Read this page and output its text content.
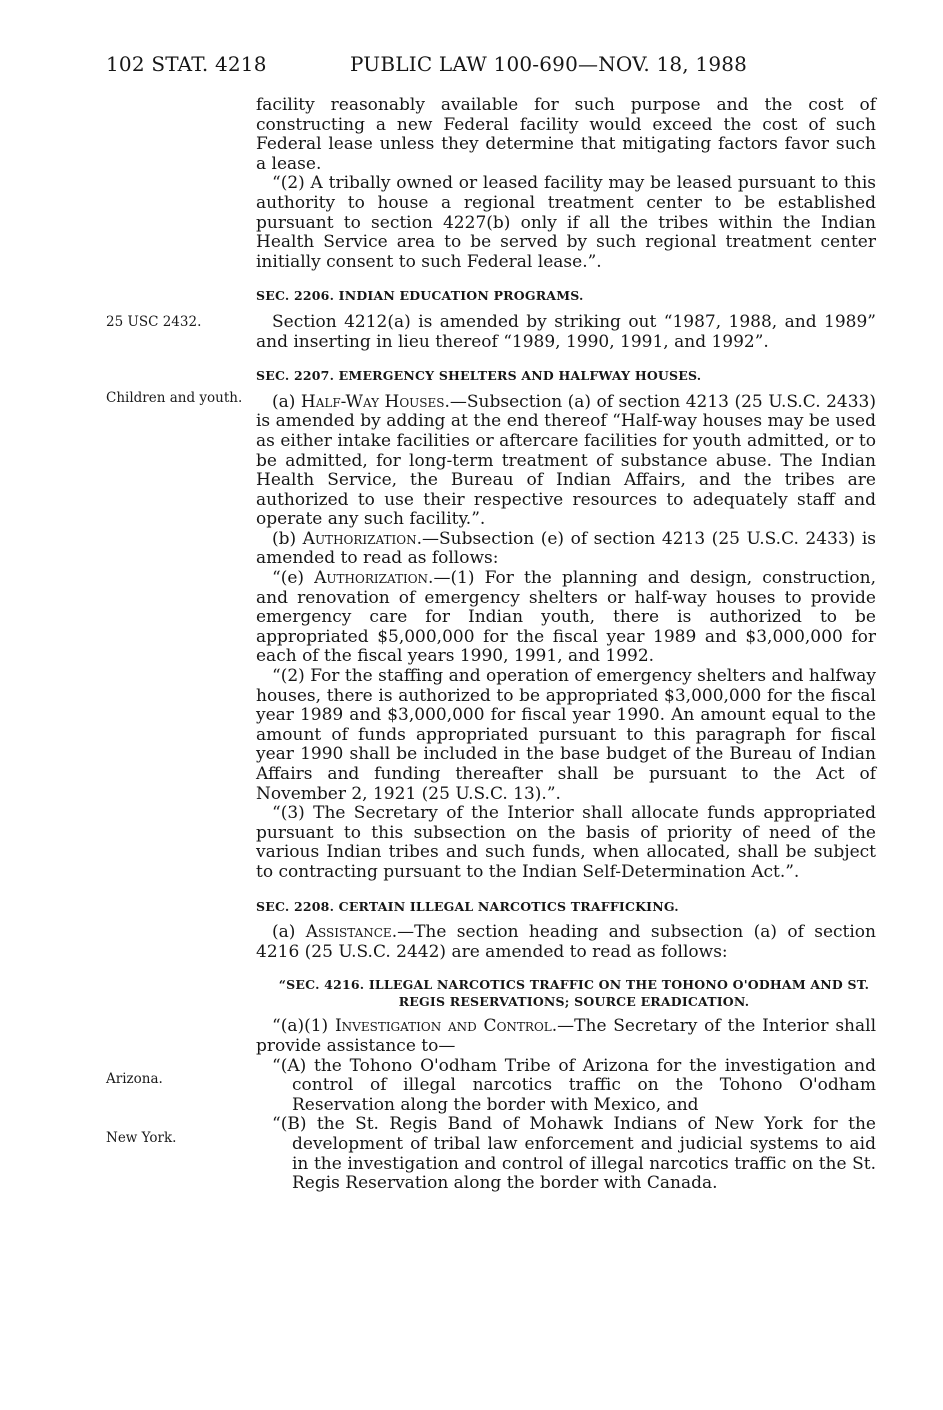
102 STAT. 4218	PUBLIC LAW 100-690—NOV. 18, 1988
25 USC 2432.
Children and youth.
Arizona.
New York.

facility reasonably available for such purpose and the cost of constructing a new Federal facility would exceed the cost of such Federal lease unless they determine that mitigating factors favor such a lease.

“(2) A tribally owned or leased facility may be leased pursuant to this authority to house a regional treatment center to be established pursuant to section 4227(b) only if all the tribes within the Indian Health Service area to be served by such regional treatment center initially consent to such Federal lease.”.

SEC. 2206. INDIAN EDUCATION PROGRAMS.

Section 4212(a) is amended by striking out “1987, 1988, and 1989” and inserting in lieu thereof “1989, 1990, 1991, and 1992”.

SEC. 2207. EMERGENCY SHELTERS AND HALFWAY HOUSES.

(a) Half-Way Houses.—Subsection (a) of section 4213 (25 U.S.C. 2433) is amended by adding at the end thereof “Half-way houses may be used as either intake facilities or aftercare facilities for youth admitted, or to be admitted, for long-term treatment of substance abuse. The Indian Health Service, the Bureau of Indian Affairs, and the tribes are authorized to use their respective resources to adequately staff and operate any such facility.”.

(b) Authorization.—Subsection (e) of section 4213 (25 U.S.C. 2433) is amended to read as follows:

“(e) Authorization.—(1) For the planning and design, construction, and renovation of emergency shelters or half-way houses to provide emergency care for Indian youth, there is authorized to be appropriated $5,000,000 for the fiscal year 1989 and $3,000,000 for each of the fiscal years 1990, 1991, and 1992.

“(2) For the staffing and operation of emergency shelters and halfway houses, there is authorized to be appropriated $3,000,000 for the fiscal year 1989 and $3,000,000 for fiscal year 1990. An amount equal to the amount of funds appropriated pursuant to this paragraph for fiscal year 1990 shall be included in the base budget of the Bureau of Indian Affairs and funding thereafter shall be pursuant to the Act of November 2, 1921 (25 U.S.C. 13).”.

“(3) The Secretary of the Interior shall allocate funds appropriated pursuant to this subsection on the basis of priority of need of the various Indian tribes and such funds, when allocated, shall be subject to contracting pursuant to the Indian Self-Determination Act.”.

SEC. 2208. CERTAIN ILLEGAL NARCOTICS TRAFFICKING.

(a) Assistance.—The section heading and subsection (a) of section 4216 (25 U.S.C. 2442) are amended to read as follows:

“SEC. 4216. ILLEGAL NARCOTICS TRAFFIC ON THE TOHONO O'ODHAM AND ST. REGIS RESERVATIONS; SOURCE ERADICATION.

“(a)(1) Investigation and Control.—The Secretary of the Interior shall provide assistance to—

“(A) the Tohono O'odham Tribe of Arizona for the investigation and control of illegal narcotics traffic on the Tohono O'odham Reservation along the border with Mexico, and

“(B) the St. Regis Band of Mohawk Indians of New York for the development of tribal law enforcement and judicial systems to aid in the investigation and control of illegal narcotics traffic on the St. Regis Reservation along the border with Canada.
